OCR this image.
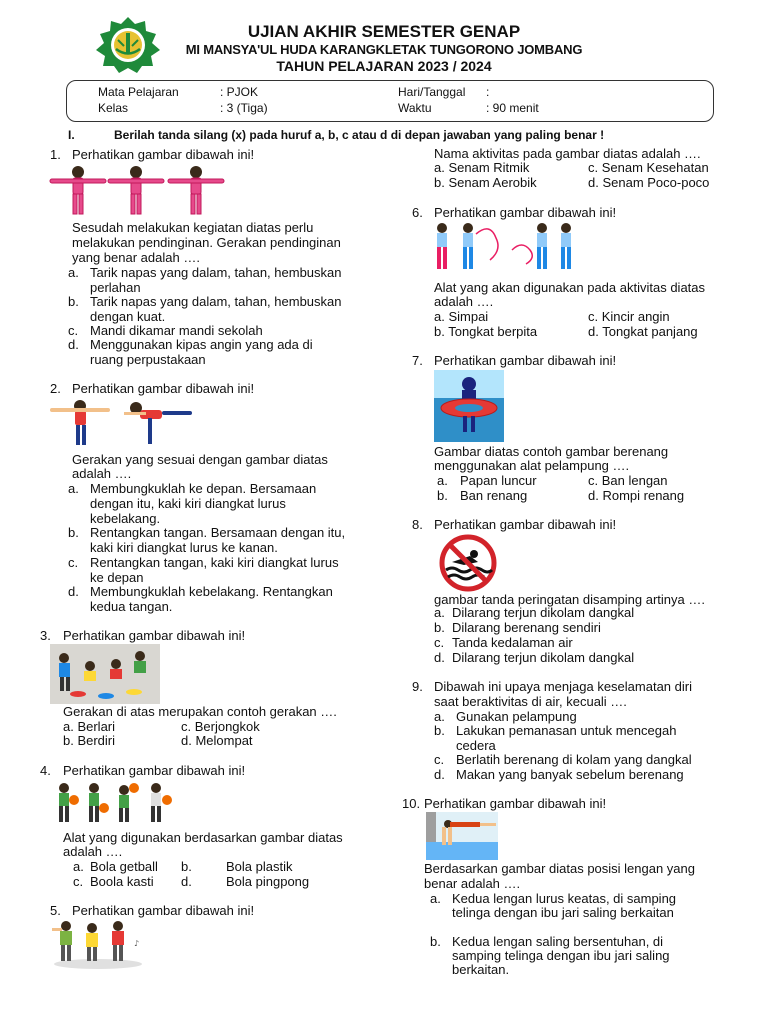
UJIAN AKHIR SEMESTER GENAP
MI MANSYA'UL HUDA KARANGKLETAK TUNGORONO JOMBANG
TAHUN PELAJARAN 2023 / 2024
Mata Pelajaran	: PJOK
Kelas	: 3 (Tiga)
Hari/Tanggal :
Waktu	: 90 menit
I.	Berilah tanda silang (x) pada huruf a, b, c atau d di depan jawaban yang paling benar !
1. Perhatikan gambar dibawah ini!
Sesudah melakukan kegiatan diatas perlu
melakukan pendinginan. Gerakan pendinginan
yang benar adalah ….
a. Tarik napas yang dalam, tahan, hembuskan
perlahan
b. Tarik napas yang dalam, tahan, hembuskan
dengan kuat.
c. Mandi dikamar mandi sekolah
d. Menggunakan kipas angin yang ada di
ruang perpustakaan
2. Perhatikan gambar dibawah ini!
Gerakan yang sesuai dengan gambar diatas
adalah ….
a. Membungkuklah ke depan. Bersamaan
dengan itu, kaki kiri diangkat lurus
kebelakang.
b. Rentangkan tangan. Bersamaan dengan itu,
kaki kiri diangkat lurus ke kanan.
c. Rentangkan tangan, kaki kiri diangkat lurus
ke depan
d. Membungkuklah kebelakang. Rentangkan
kedua tangan.
3. Perhatikan gambar dibawah ini!
Gerakan di atas merupakan contoh gerakan ….
a. Berlari	c. Berjongkok
b. Berdiri	d. Melompat
4. Perhatikan gambar dibawah ini!
Alat yang digunakan berdasarkan gambar diatas
adalah ….
a. Bola getball b.	Bola plastik
c. Boola kasti d.	Bola pingpong
5. Perhatikan gambar dibawah ini!
♪
Nama aktivitas pada gambar diatas adalah ….
a. Senam Ritmik	c. Senam Kesehatan
b. Senam Aerobik	d. Senam Poco-poco
6. Perhatikan gambar dibawah ini!
Alat yang akan digunakan pada aktivitas diatas
adalah ….
a. Simpai	c. Kincir angin
b. Tongkat berpita	d. Tongkat panjang
7. Perhatikan gambar dibawah ini!
Gambar diatas contoh gambar berenang
menggunakan alat pelampung ….
a. Papan luncur	c. Ban lengan
b. Ban renang	d. Rompi renang
8. Perhatikan gambar dibawah ini!
gambar tanda peringatan disamping artinya ….
a. Dilarang terjun dikolam dangkal
b. Dilarang berenang sendiri
c. Tanda kedalaman air
d. Dilarang terjun dikolam dangkal
9. Dibawah ini upaya menjaga keselamatan diri
saat beraktivitas di air, kecuali ….
a. Gunakan pelampung
b. Lakukan pemanasan untuk mencegah
cedera
c. Berlatih berenang di kolam yang dangkal
d. Makan yang banyak sebelum berenang
10. Perhatikan gambar dibawah ini!
Berdasarkan gambar diatas posisi lengan yang
benar adalah ….
a. Kedua lengan lurus keatas, di samping
telinga dengan ibu jari saling berkaitan
b. Kedua lengan saling bersentuhan, di
samping telinga dengan ibu jari saling
berkaitan.
